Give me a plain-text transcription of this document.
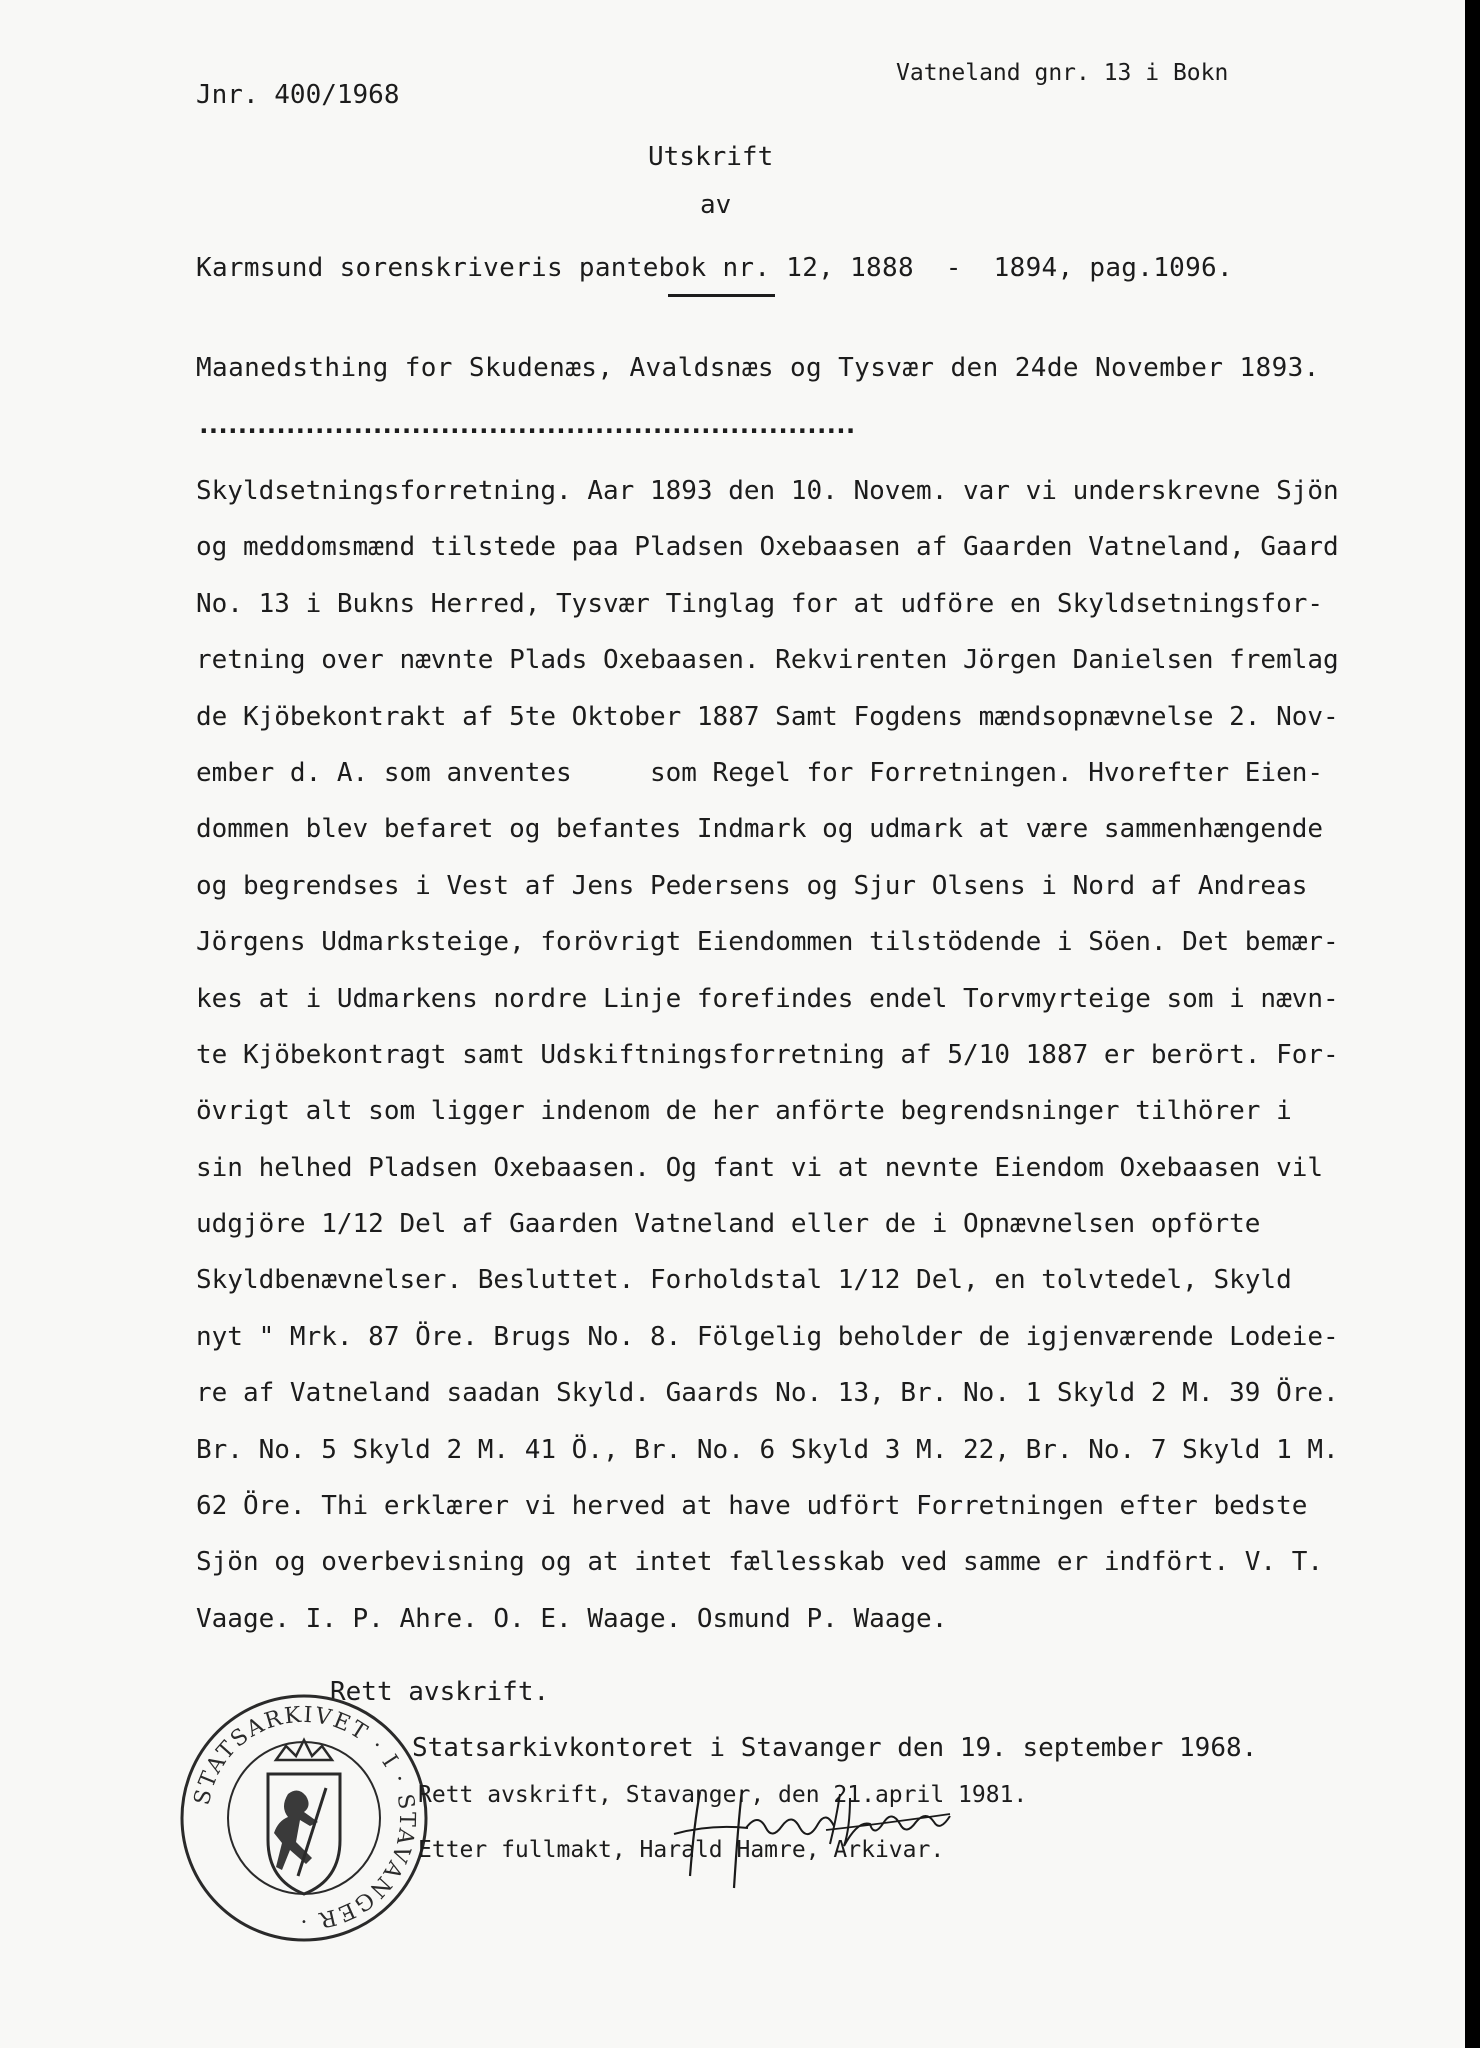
Vatneland gnr. 13 i Bokn
Jnr. 400/1968
Utskrift
av
Karmsund sorenskriveris pantebok nr. 12, 1888  -  1894, pag.1096.
Maanedsthing for Skudenæs, Avaldsnæs og Tysvær den 24de November 1893.
....................................................................
Skyldsetningsforretning. Aar 1893 den 10. Novem. var vi underskrevne Sjön
og meddomsmænd tilstede paa Pladsen Oxebaasen af Gaarden Vatneland, Gaard
No. 13 i Bukns Herred, Tysvær Tinglag for at udföre en Skyldsetningsfor-
retning over nævnte Plads Oxebaasen. Rekvirenten Jörgen Danielsen fremlag
de Kjöbekontrakt af 5te Oktober 1887 Samt Fogdens mændsopnævnelse 2. Nov-
ember d. A. som anventes     som Regel for Forretningen. Hvorefter Eien-
dommen blev befaret og befantes Indmark og udmark at være sammenhængende
og begrendses i Vest af Jens Pedersens og Sjur Olsens i Nord af Andreas
Jörgens Udmarksteige, forövrigt Eiendommen tilstödende i Söen. Det bemær-
kes at i Udmarkens nordre Linje forefindes endel Torvmyrteige som i nævn-
te Kjöbekontragt samt Udskiftningsforretning af 5/10 1887 er berört. For-
övrigt alt som ligger indenom de her anförte begrendsninger tilhörer i
sin helhed Pladsen Oxebaasen. Og fant vi at nevnte Eiendom Oxebaasen vil
udgjöre 1/12 Del af Gaarden Vatneland eller de i Opnævnelsen opförte
Skyldbenævnelser. Besluttet. Forholdstal 1/12 Del, en tolvtedel, Skyld
nyt " Mrk. 87 Öre. Brugs No. 8. Fölgelig beholder de igjenværende Lodeie-
re af Vatneland saadan Skyld. Gaards No. 13, Br. No. 1 Skyld 2 M. 39 Öre.
Br. No. 5 Skyld 2 M. 41 Ö., Br. No. 6 Skyld 3 M. 22, Br. No. 7 Skyld 1 M.
62 Öre. Thi erklærer vi herved at have udfört Forretningen efter bedste
Sjön og overbevisning og at intet fællesskab ved samme er indfört. V. T.
Vaage. I. P. Ahre. O. E. Waage. Osmund P. Waage.
Rett avskrift.
STATSARKIVET · I · STAVANGER ·
Statsarkivkontoret i Stavanger den 19. september 1968.
Rett avskrift, Stavanger, den 21.april 1981.
Etter fullmakt, Harald Hamre, Arkivar.
